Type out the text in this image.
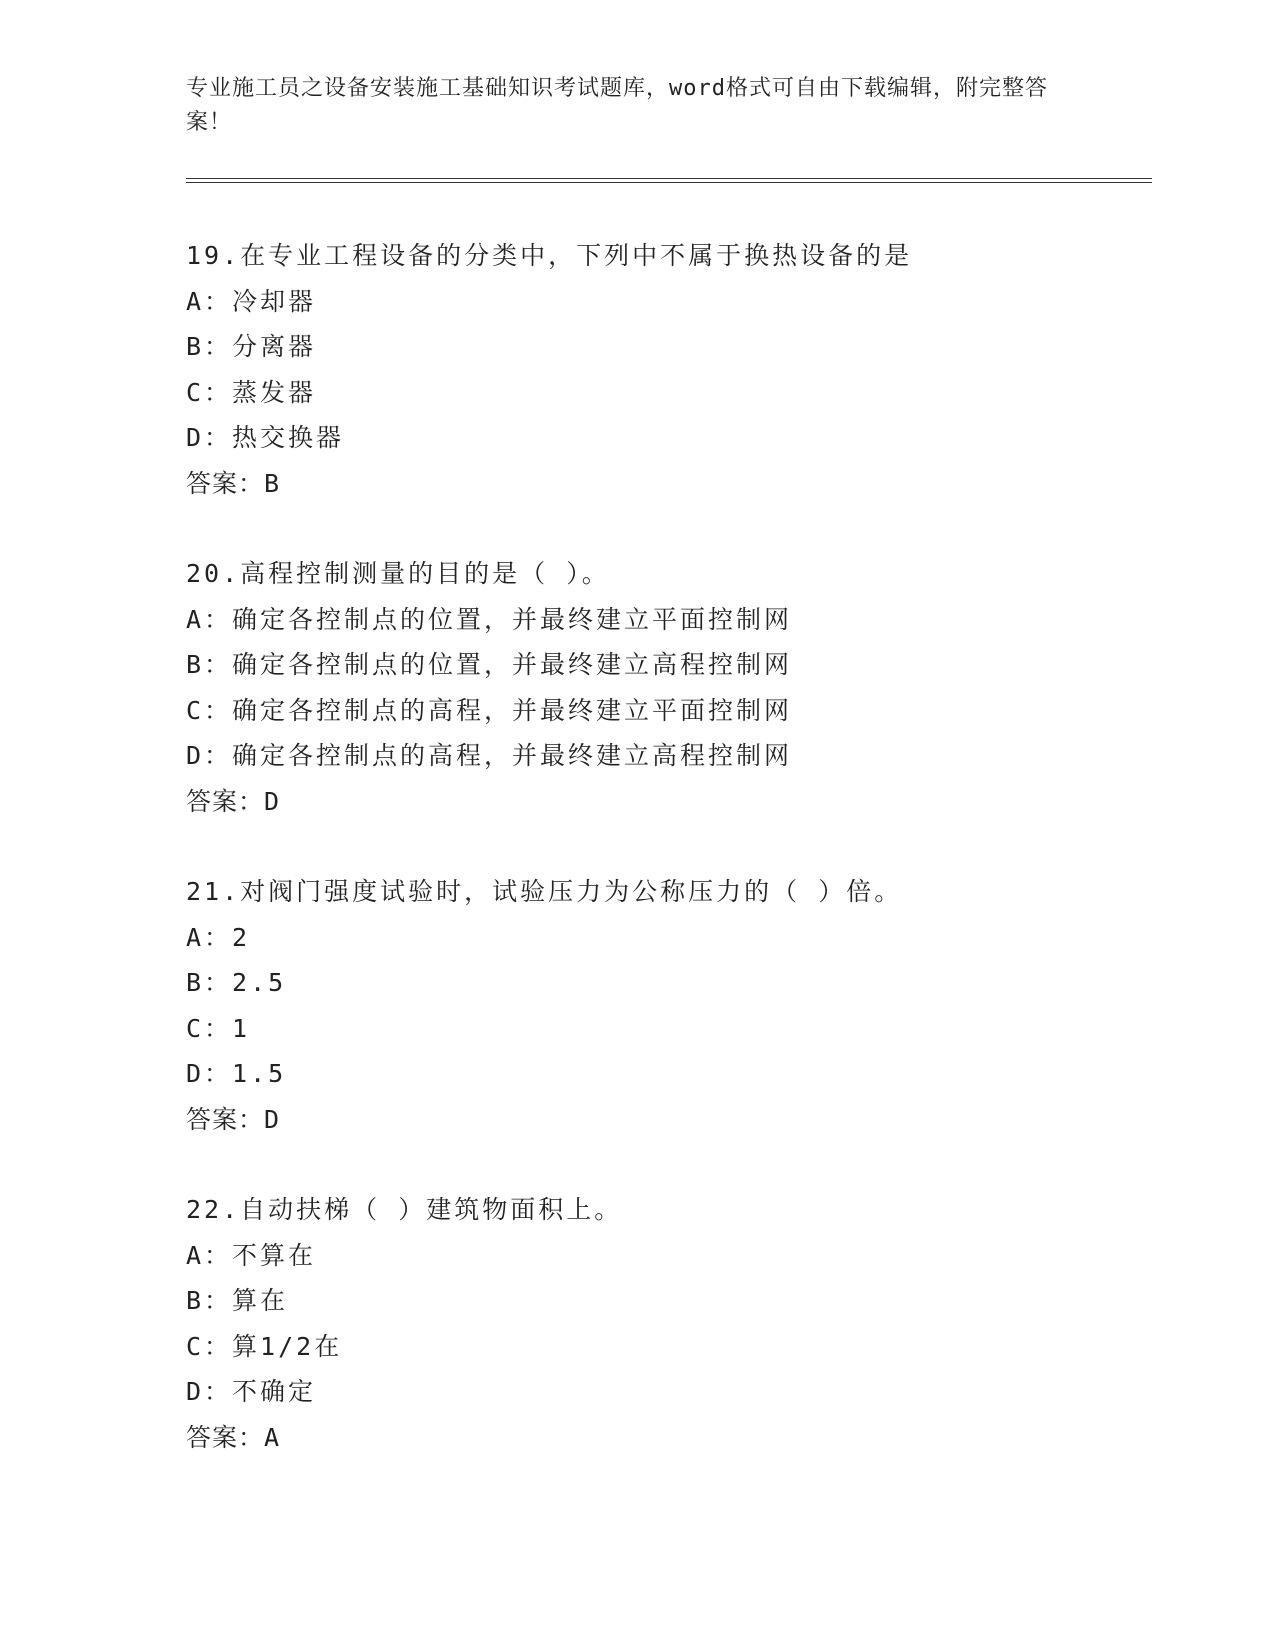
专业施工员之设备安装施工基础知识考试题库，word格式可自由下载编辑，附完整答案！
19.在专业工程设备的分类中，下列中不属于换热设备的是
A：冷却器
B：分离器
C：蒸发器
D：热交换器
答案：B
20.高程控制测量的目的是（ ）。
A：确定各控制点的位置，并最终建立平面控制网
B：确定各控制点的位置，并最终建立高程控制网
C：确定各控制点的高程，并最终建立平面控制网
D：确定各控制点的高程，并最终建立高程控制网
答案：D
21.对阀门强度试验时，试验压力为公称压力的（ ）倍。
A：2
B：2.5
C：1
D：1.5
答案：D
22.自动扶梯（ ）建筑物面积上。
A：不算在
B：算在
C：算1/2在
D：不确定
答案：A
